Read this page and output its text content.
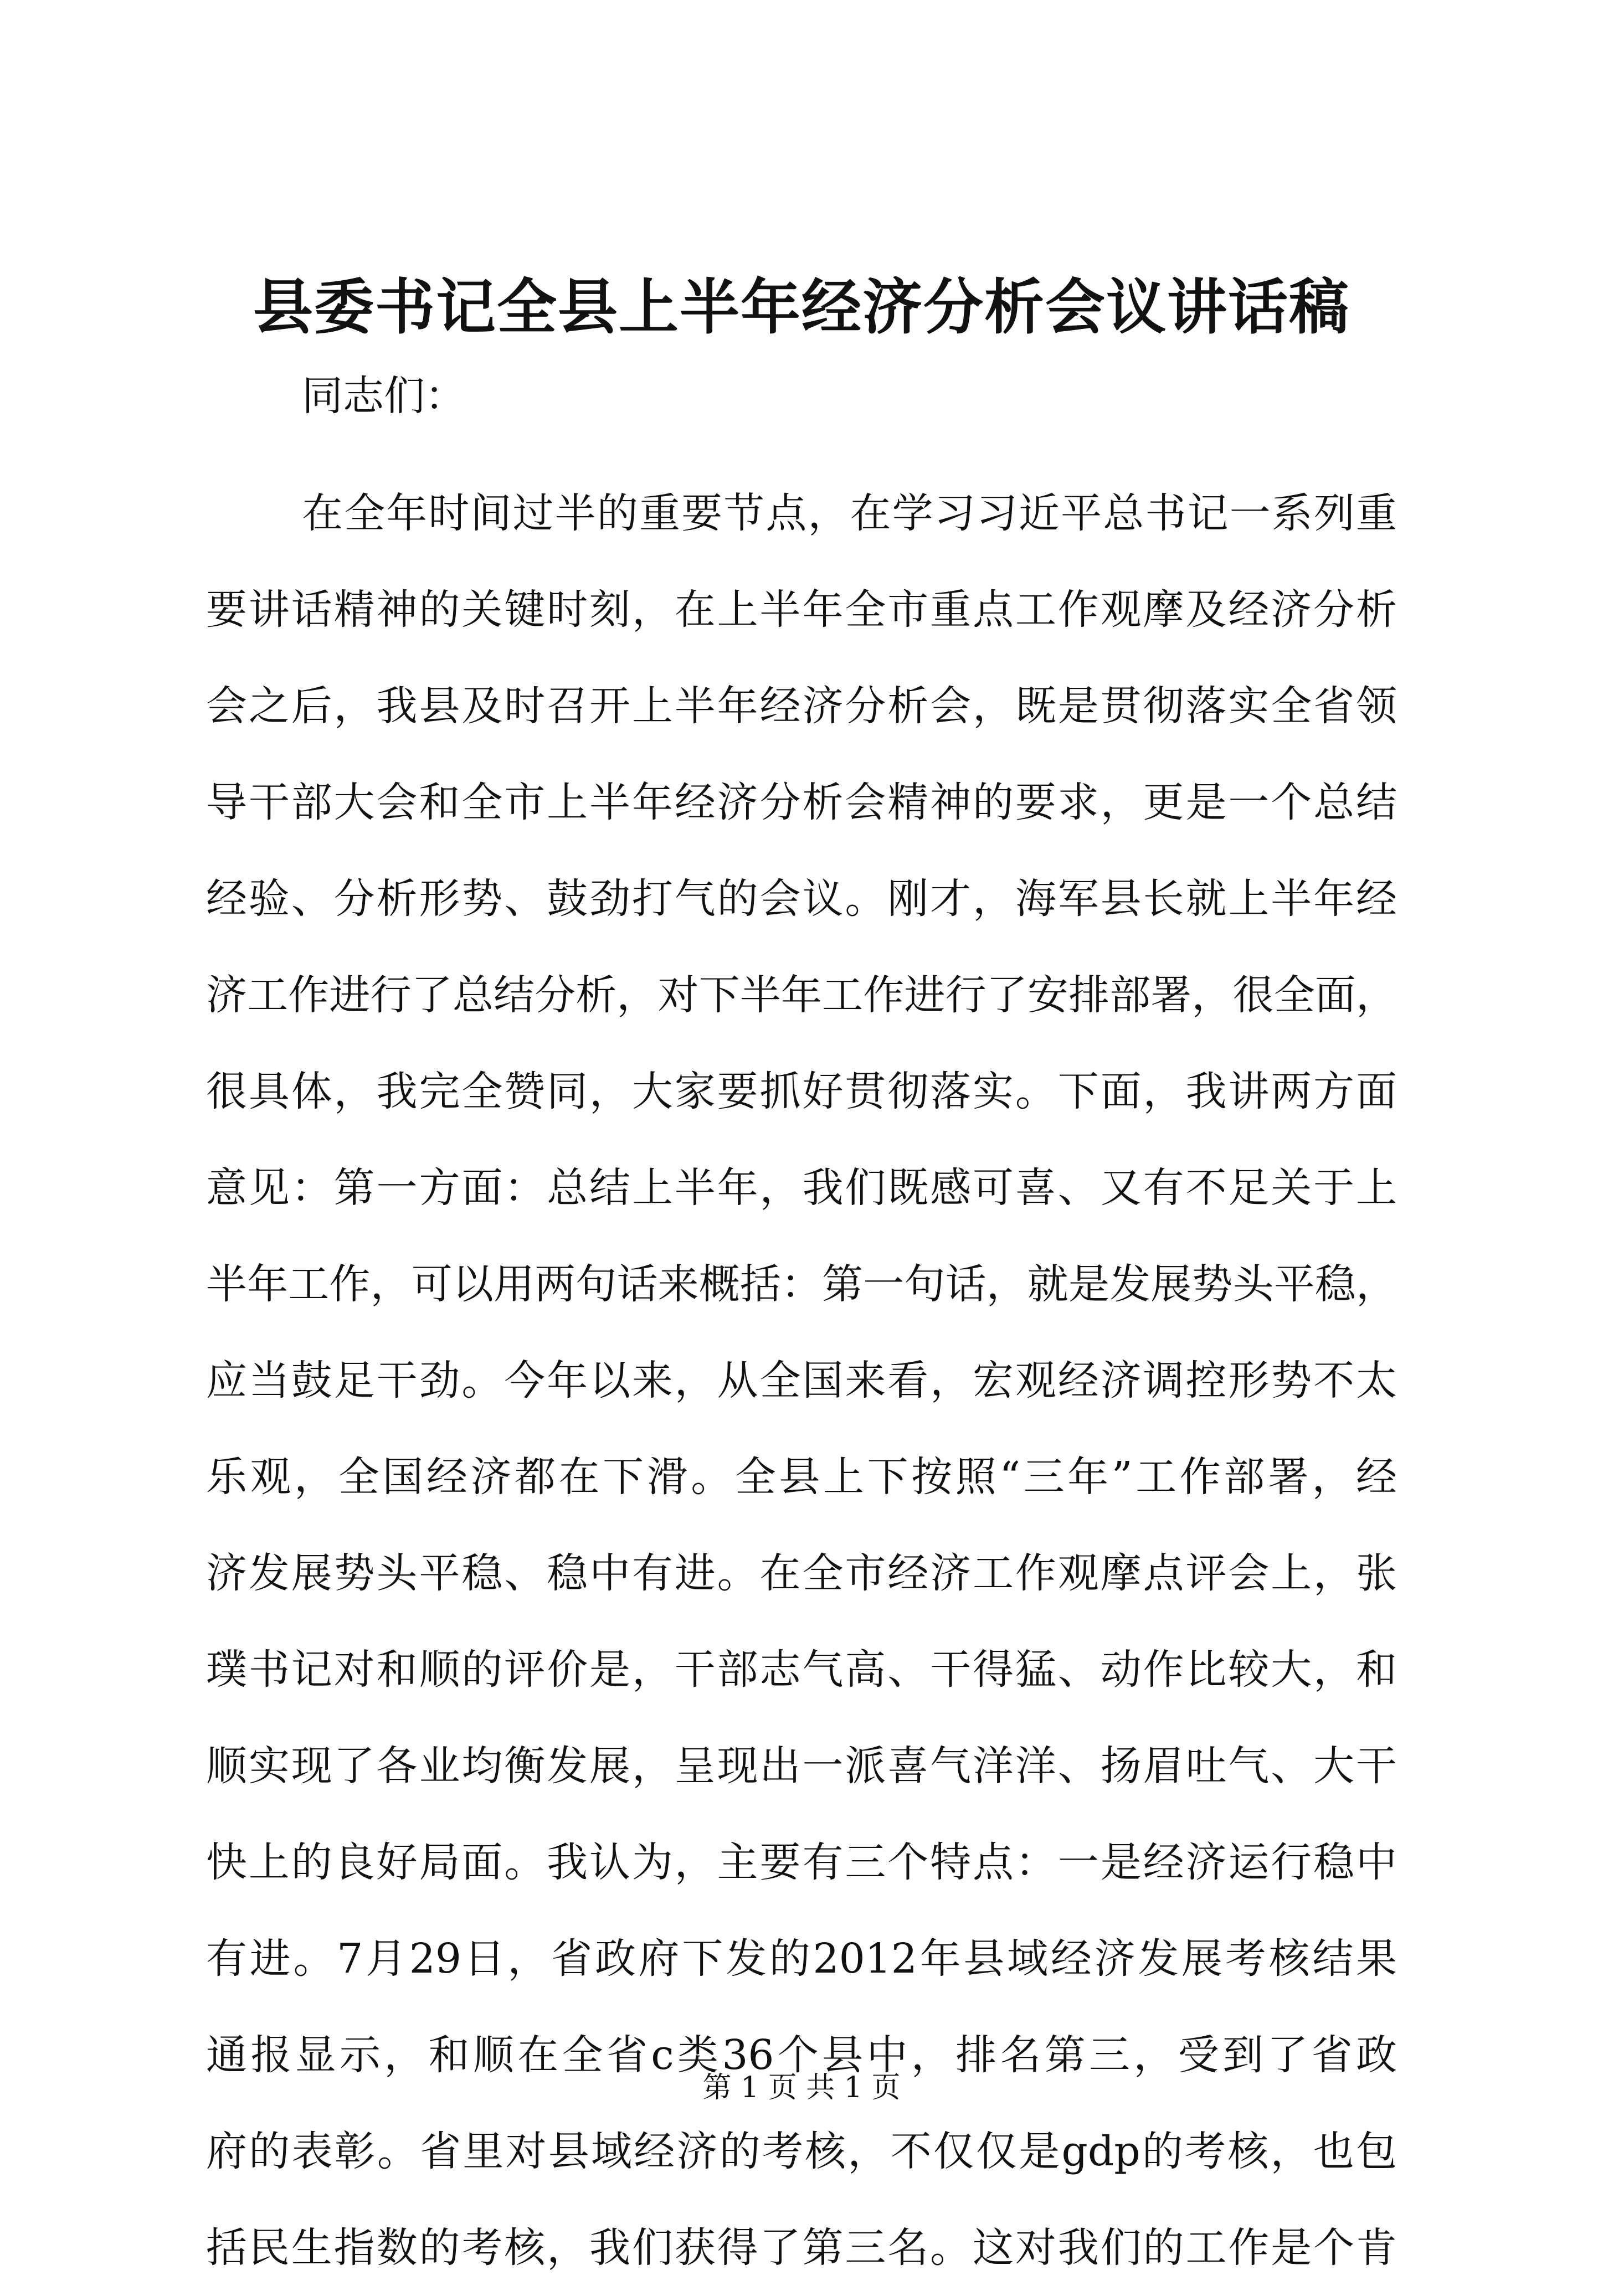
县委书记全县上半年经济分析会议讲话稿

同志们：

在全年时间过半的重要节点，在学习习近平总书记一系列重
要讲话精神的关键时刻，在上半年全市重点工作观摩及经济分析
会之后，我县及时召开上半年经济分析会，既是贯彻落实全省领
导干部大会和全市上半年经济分析会精神的要求，更是一个总结
经验、分析形势、鼓劲打气的会议。刚才，海军县长就上半年经
济工作进行了总结分析，对下半年工作进行了安排部署，很全面，
很具体，我完全赞同，大家要抓好贯彻落实。下面，我讲两方面
意见：第一方面：总结上半年，我们既感可喜、又有不足关于上
半年工作，可以用两句话来概括：第一句话，就是发展势头平稳，
应当鼓足干劲。今年以来，从全国来看，宏观经济调控形势不太
乐观，全国经济都在下滑。全县上下按照“三年”工作部署，经
济发展势头平稳、稳中有进。在全市经济工作观摩点评会上，张
璞书记对和顺的评价是，干部志气高、干得猛、动作比较大，和
顺实现了各业均衡发展，呈现出一派喜气洋洋、扬眉吐气、大干
快上的良好局面。我认为，主要有三个特点：一是经济运行稳中
有进。7月29日，省政府下发的2012年县域经济发展考核结果
通报显示，和顺在全省c类36个县中，排名第三，受到了省政
府的表彰。省里对县域经济的考核，不仅仅是gdp的考核，也包
括民生指数的考核，我们获得了第三名。这对我们的工作是个肯

第 1 页 共 1 页
